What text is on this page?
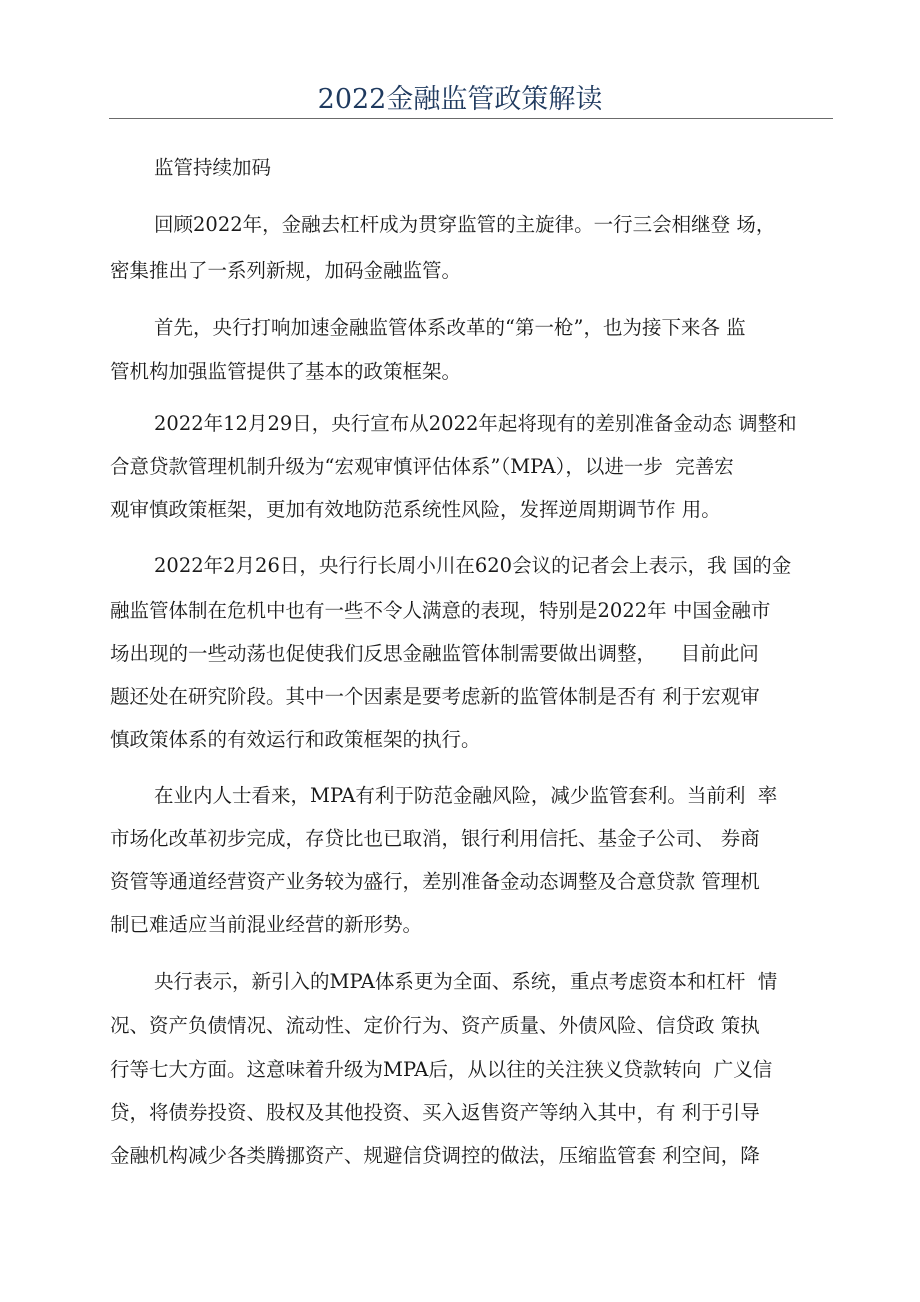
2022金融监管政策解读
监管持续加码
回顾2022年，金融去杠杆成为贯穿监管的主旋律。一行三会相继登 场，
密集推出了一系列新规，加码金融监管。
首先，央行打响加速金融监管体系改革的“第一枪”，也为接下来各 监
管机构加强监管提供了基本的政策框架。
2022年12月29日，央行宣布从2022年起将现有的差别准备金动态 调整和
合意贷款管理机制升级为“宏观审慎评估体系”（MPA），以进一步  完善宏
观审慎政策框架，更加有效地防范系统性风险，发挥逆周期调节作 用。
2022年2月26日，央行行长周小川在620会议的记者会上表示，我 国的金
融监管体制在危机中也有一些不令人满意的表现，特别是2022年 中国金融市
场出现的一些动荡也促使我们反思金融监管体制需要做出调整，    目前此问
题还处在研究阶段。其中一个因素是要考虑新的监管体制是否有 利于宏观审
慎政策体系的有效运行和政策框架的执行。
在业内人士看来，MPA有利于防范金融风险，减少监管套利。当前利  率
市场化改革初步完成，存贷比也已取消，银行利用信托、基金子公司、 券商
资管等通道经营资产业务较为盛行，差别准备金动态调整及合意贷款 管理机
制已难适应当前混业经营的新形势。
央行表示，新引入的MPA体系更为全面、系统，重点考虑资本和杠杆  情
况、资产负债情况、流动性、定价行为、资产质量、外债风险、信贷政 策执
行等七大方面。这意味着升级为MPA后，从以往的关注狭义贷款转向  广义信
贷，将债券投资、股权及其他投资、买入返售资产等纳入其中，有 利于引导
金融机构减少各类腾挪资产、规避信贷调控的做法，压缩监管套 利空间，降
